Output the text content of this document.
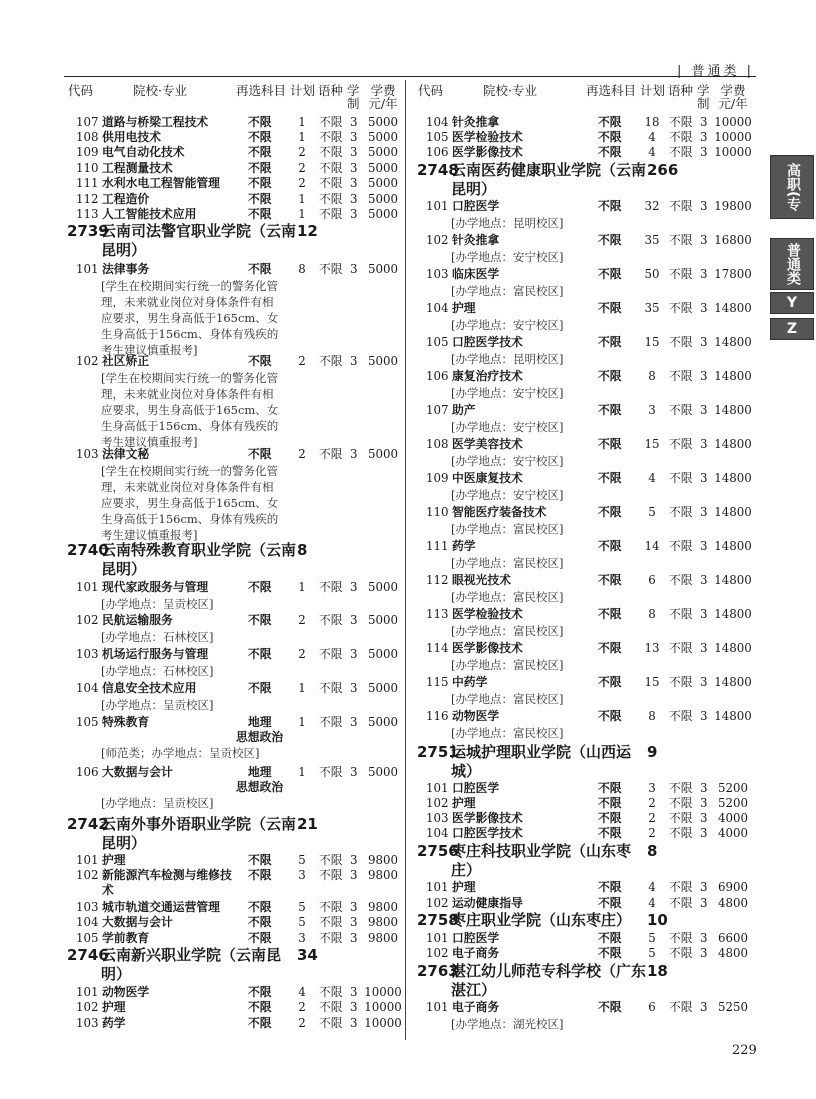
| 普通类 |
代码	院校·专业	再选科目 计划 语种 学制
学费元/年
代码	院校·专业	再选科目 计划 语种 学制
学费元/年
107 道路与桥梁工程技术	不限	1	不限 3 5000
108 供用电技术	不限	1	不限 3 5000
109 电气自动化技术	不限	2	不限 3 5000
110 工程测量技术	不限	2	不限 3 5000
111 水利水电工程智能管理 不限	2	不限 3 5000
112 工程造价	不限	1	不限 3 5000
113 人工智能技术应用	不限	1	不限 3 5000
2739
云南司法警官职业学院（云南
昆明）
12
101 法律事务	不限	8	不限 3 5000
[学生在校期间实行统一的警务化管
理，未来就业岗位对身体条件有相
应要求，男生身高低于165cm、女
生身高低于156cm、身体有残疾的
考生建议慎重报考]
102 社区矫正	不限	2	不限 3 5000
[学生在校期间实行统一的警务化管
理，未来就业岗位对身体条件有相
应要求，男生身高低于165cm、女
生身高低于156cm、身体有残疾的
考生建议慎重报考]
103 法律文秘	不限	2	不限 3 5000
[学生在校期间实行统一的警务化管
理，未来就业岗位对身体条件有相
应要求，男生身高低于165cm、女
生身高低于156cm、身体有残疾的
考生建议慎重报考]
2740
云南特殊教育职业学院（云南
昆明）
8
101 现代家政服务与管理	不限	1	不限 3 5000
[办学地点：呈贡校区]
102 民航运输服务	不限	2	不限 3 5000
[办学地点：石林校区]
103 机场运行服务与管理	不限	2	不限 3 5000
[办学地点：石林校区]
104 信息安全技术应用	不限	1	不限 3 5000
[办学地点：呈贡校区]
105 特殊教育	地理
思想政治
1	不限 3 5000
[师范类；办学地点：呈贡校区]
106 大数据与会计	地理
思想政治
1	不限 3 5000
[办学地点：呈贡校区]
2742
云南外事外语职业学院（云南
昆明）
21
101 护理	不限	5	不限 3 9800
102 新能源汽车检测与维修技
术
不限	3	不限 3 9800
103 城市轨道交通运营管理 不限	5	不限 3 9800
104 大数据与会计	不限	5	不限 3 9800
105 学前教育	不限	3	不限 3 9800
2746
云南新兴职业学院（云南昆
明）
34
101 动物医学	不限	4	不限 3 10000
102 护理	不限	2	不限 3 10000
103 药学	不限	2	不限 3 10000
104 针灸推拿	不限 18 不限 3 10000
105 医学检验技术	不限	4	不限 3 10000
106 医学影像技术	不限	4	不限 3 10000
2748
云南医药健康职业学院（云南
昆明）
266
101 口腔医学	不限 32 不限 3 19800
[办学地点：昆明校区]
102 针灸推拿	不限 35 不限 3 16800
[办学地点：安宁校区]
103 临床医学	不限 50 不限 3 17800
[办学地点：富民校区]
104 护理	不限 35 不限 3 14800
[办学地点：安宁校区]
105 口腔医学技术	不限 15 不限 3 14800
[办学地点：昆明校区]
106 康复治疗技术	不限	8	不限 3 14800
[办学地点：安宁校区]
107 助产	不限	3	不限 3 14800
[办学地点：安宁校区]
108 医学美容技术	不限 15 不限 3 14800
[办学地点：安宁校区]
109 中医康复技术	不限	4	不限 3 14800
[办学地点：安宁校区]
110 智能医疗装备技术	不限	5	不限 3 14800
[办学地点：富民校区]
111 药学	不限 14 不限 3 14800
[办学地点：富民校区]
112 眼视光技术	不限	6	不限 3 14800
[办学地点：富民校区]
113 医学检验技术	不限	8	不限 3 14800
[办学地点：富民校区]
114 医学影像技术	不限 13 不限 3 14800
[办学地点：富民校区]
115 中药学	不限 15 不限 3 14800
[办学地点：富民校区]
116 动物医学	不限	8	不限 3 14800
[办学地点：富民校区]
2751
运城护理职业学院（山西运
城）
9
101 口腔医学	不限	3	不限 3 5200
102 护理	不限	2	不限 3 5200
103 医学影像技术	不限	2	不限 3 4000
104 口腔医学技术	不限	2	不限 3 4000
2756
枣庄科技职业学院（山东枣
庄）
8
101 护理	不限	4	不限 3 6900
102 运动健康指导	不限	4	不限 3 4800
2758
枣庄职业学院（山东枣庄） 10
101 口腔医学	不限	5	不限 3 6600
102 电子商务	不限	5	不限 3 4800
2763
湛江幼儿师范专科学校（广东
湛江）
18
101 电子商务	不限	6	不限 3 5250
[办学地点：湖光校区]
高职(专科)
普通类
Y
Z
229
